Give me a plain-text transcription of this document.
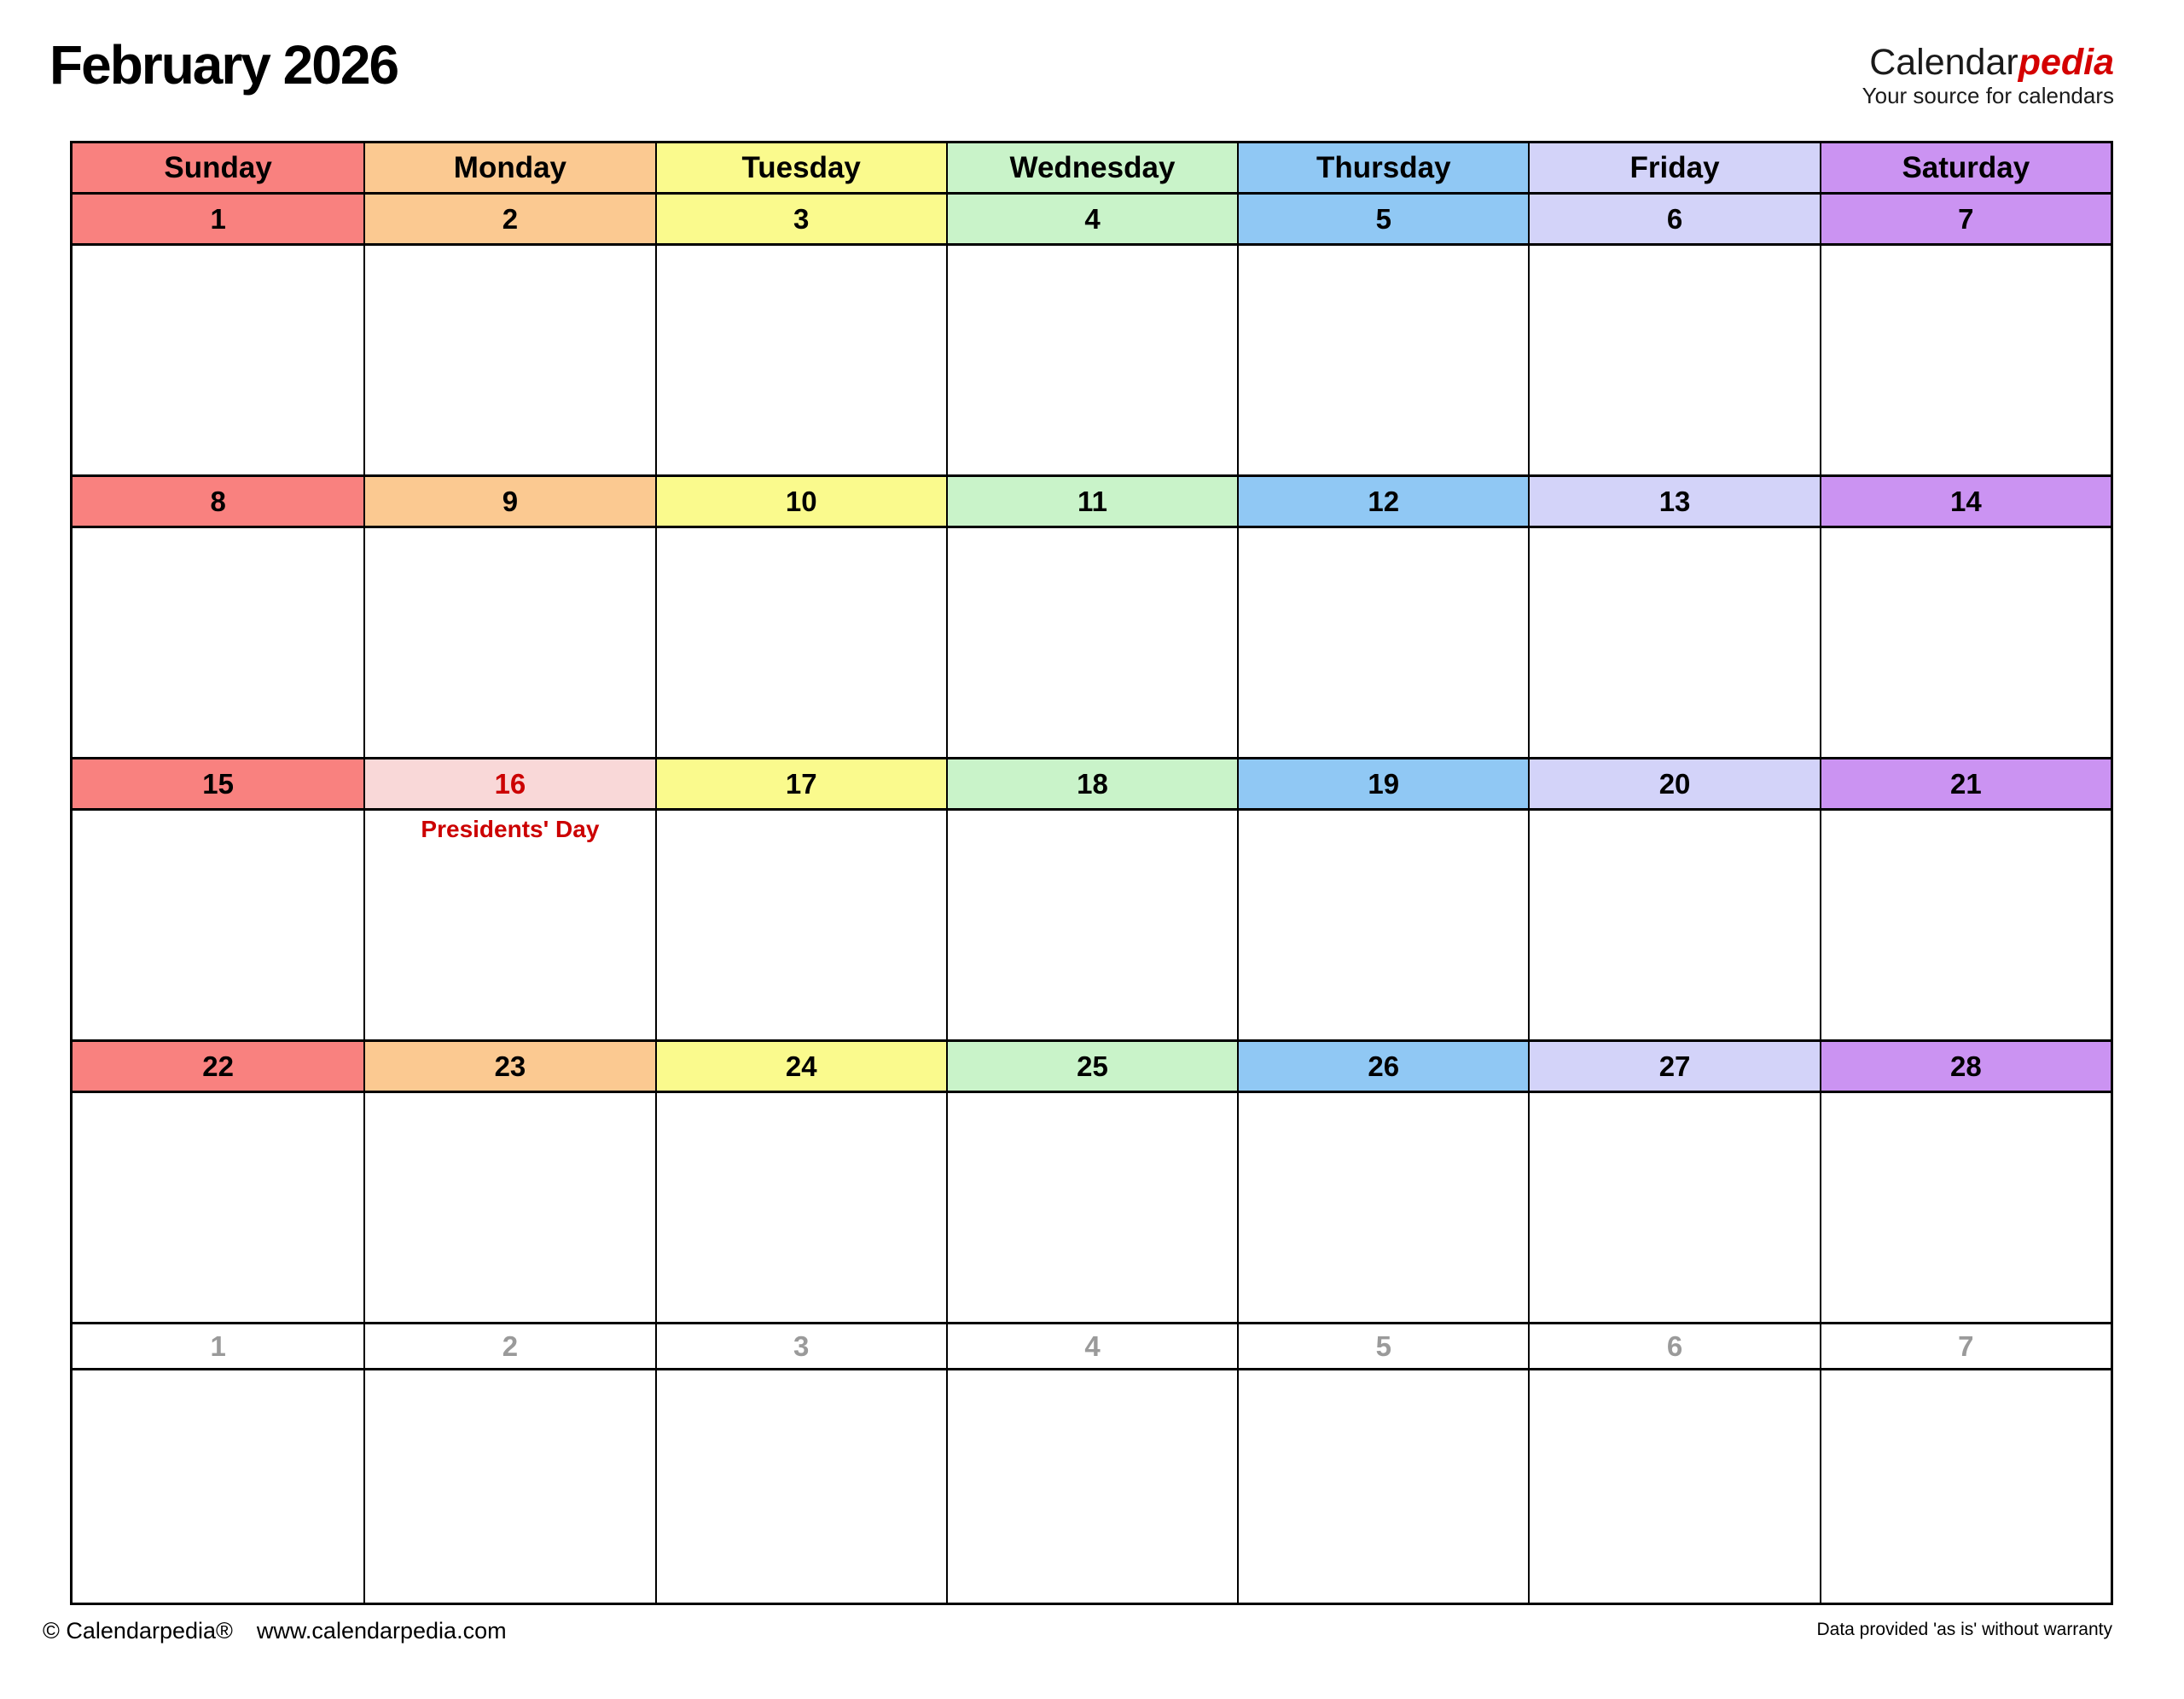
February 2026	Calendarpedia
Your source for calendars
Sunday	Monday	Tuesday	Wednesday	Thursday	Friday	Saturday
1	2	3	4	5	6	7
8	9	10	11	12	13	14
15	16	17	18	19	20	21
Presidents' Day
22	23	24	25	26	27	28
1	2	3	4	5	6	7
© Calendarpedia® www.calendarpedia.com	Data provided 'as is' without warranty
